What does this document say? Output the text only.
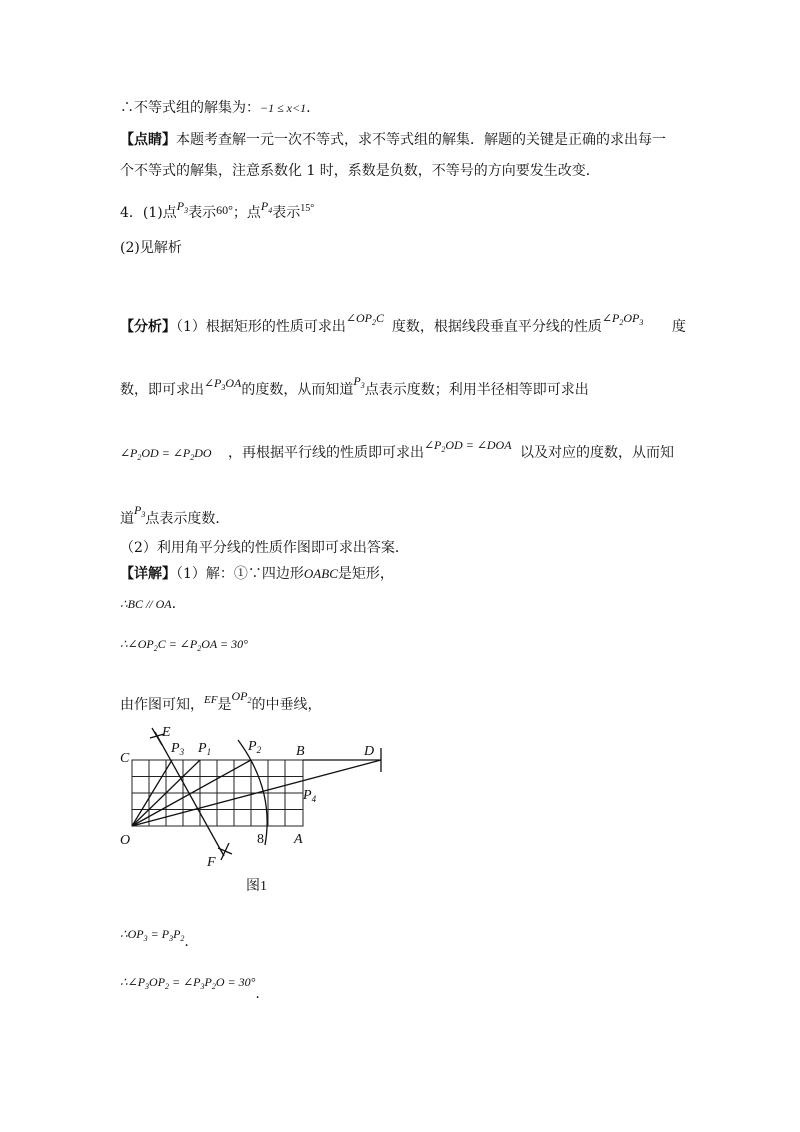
∴不等式组的解集为：−1 ≤ x<1.
【点睛】本题考查解一元一次不等式，求不等式组的解集．解题的关键是正确的求出每一
个不等式的解集，注意系数化 1 时，系数是负数，不等号的方向要发生改变．
4．(1)点$P_3$表示60°；点$P_4$表示$^{15^\circ}$
(2)见解析
【分析】（1）根据矩形的性质可求出$\angle OP_2C$度数，根据线段垂直平分线的性质$\angle P_2OP_3$ 度
数，即可求出$\angle P_3OA$的度数，从而知道$P_3$点表示度数；利用半径相等即可求出
$\angle P_2OD$ = $\angle P_2DO$ ，再根据平行线的性质即可求出$\angle P_2OD$ = ∠DOA 以及对应的度数，从而知
道$P_3$点表示度数．
（2）利用角平分线的性质作图即可求出答案．
【详解】（1）解：①∵四边形OABC是矩形，
∴BC // OA.
$\therefore\angle OP_2C$ = $\angle P_2OA = 30^\circ$
由作图可知，$^{EF}$是$OP_2$的中垂线，
E
$P_3$ $P_1$	$P_2$ B	D
C
$P_4$
O
F
8 A
图1
$\therefore OP_3 = P_3P_2$.
$\therefore\angle P_3OP_2$ = $\angle P_3P_2O = 30^\circ$.
